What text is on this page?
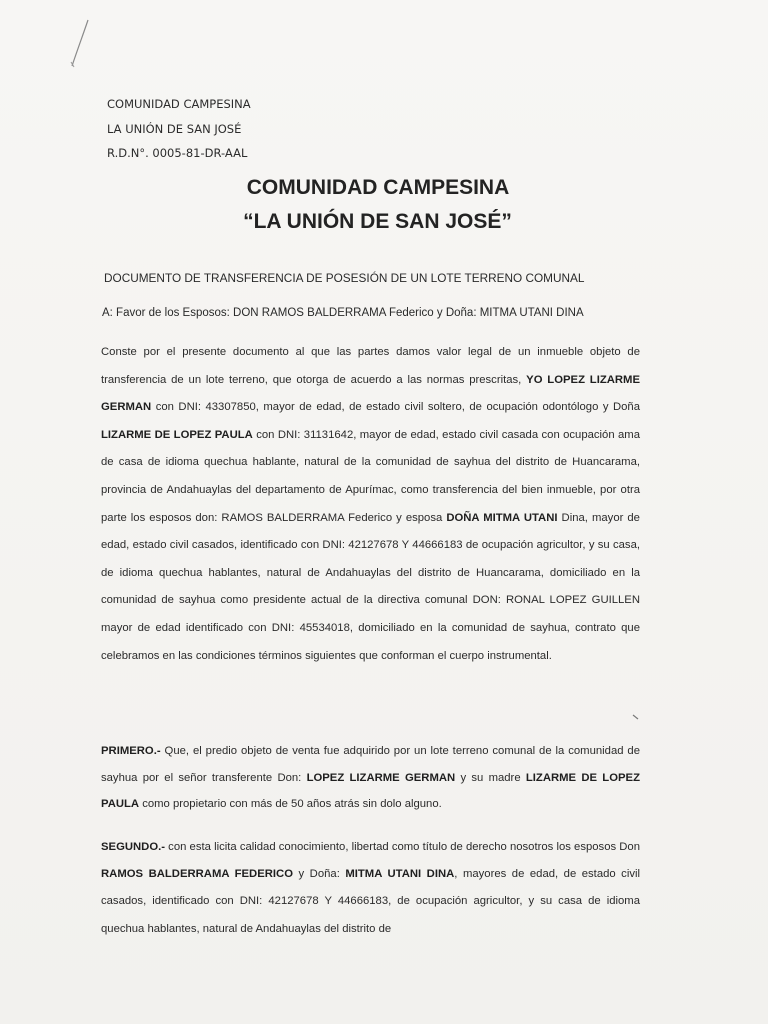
COMUNIDAD CAMPESINA
LA UNIÓN DE SAN JOSÉ
R.D.N°. 0005-81-DR-AAL
COMUNIDAD CAMPESINA
“LA UNIÓN DE SAN JOSÉ”
DOCUMENTO DE TRANSFERENCIA DE POSESIÓN DE UN LOTE TERRENO COMUNAL
A: Favor de los Esposos: DON RAMOS BALDERRAMA Federico y Doña: MITMA UTANI DINA
Conste por el presente documento al que las partes damos valor legal de un inmueble objeto de transferencia de un lote terreno, que otorga de acuerdo a las normas prescritas, YO LOPEZ LIZARME GERMAN con DNI: 43307850, mayor de edad, de estado civil soltero, de ocupación odontólogo y Doña LIZARME DE LOPEZ PAULA con DNI: 31131642, mayor de edad, estado civil casada con ocupación ama de casa de idioma quechua hablante, natural de la comunidad de sayhua del distrito de Huancarama, provincia de Andahuaylas del departamento de Apurímac, como transferencia del bien inmueble, por otra parte los esposos don: RAMOS BALDERRAMA Federico y esposa DOÑA MITMA UTANI Dina, mayor de edad, estado civil casados, identificado con DNI: 42127678 Y 44666183 de ocupación agricultor, y su casa, de idioma quechua hablantes, natural de Andahuaylas del distrito de Huancarama, domiciliado en la comunidad de sayhua como presidente actual de la directiva comunal DON: RONAL LOPEZ GUILLEN mayor de edad identificado con DNI: 45534018, domiciliado en la comunidad de sayhua, contrato que celebramos en las condiciones términos siguientes que conforman el cuerpo instrumental.
PRIMERO.- Que, el predio objeto de venta fue adquirido por un lote terreno comunal de la comunidad de sayhua por el señor transferente Don: LOPEZ LIZARME GERMAN y su madre LIZARME DE LOPEZ PAULA como propietario con más de 50 años atrás sin dolo alguno.
SEGUNDO.- con esta licita calidad conocimiento, libertad como título de derecho nosotros los esposos Don RAMOS BALDERRAMA FEDERICO y Doña: MITMA UTANI DINA, mayores de edad, de estado civil casados, identificado con DNI: 42127678 Y 44666183, de ocupación agricultor, y su casa de idioma quechua hablantes, natural de Andahuaylas del distrito de
